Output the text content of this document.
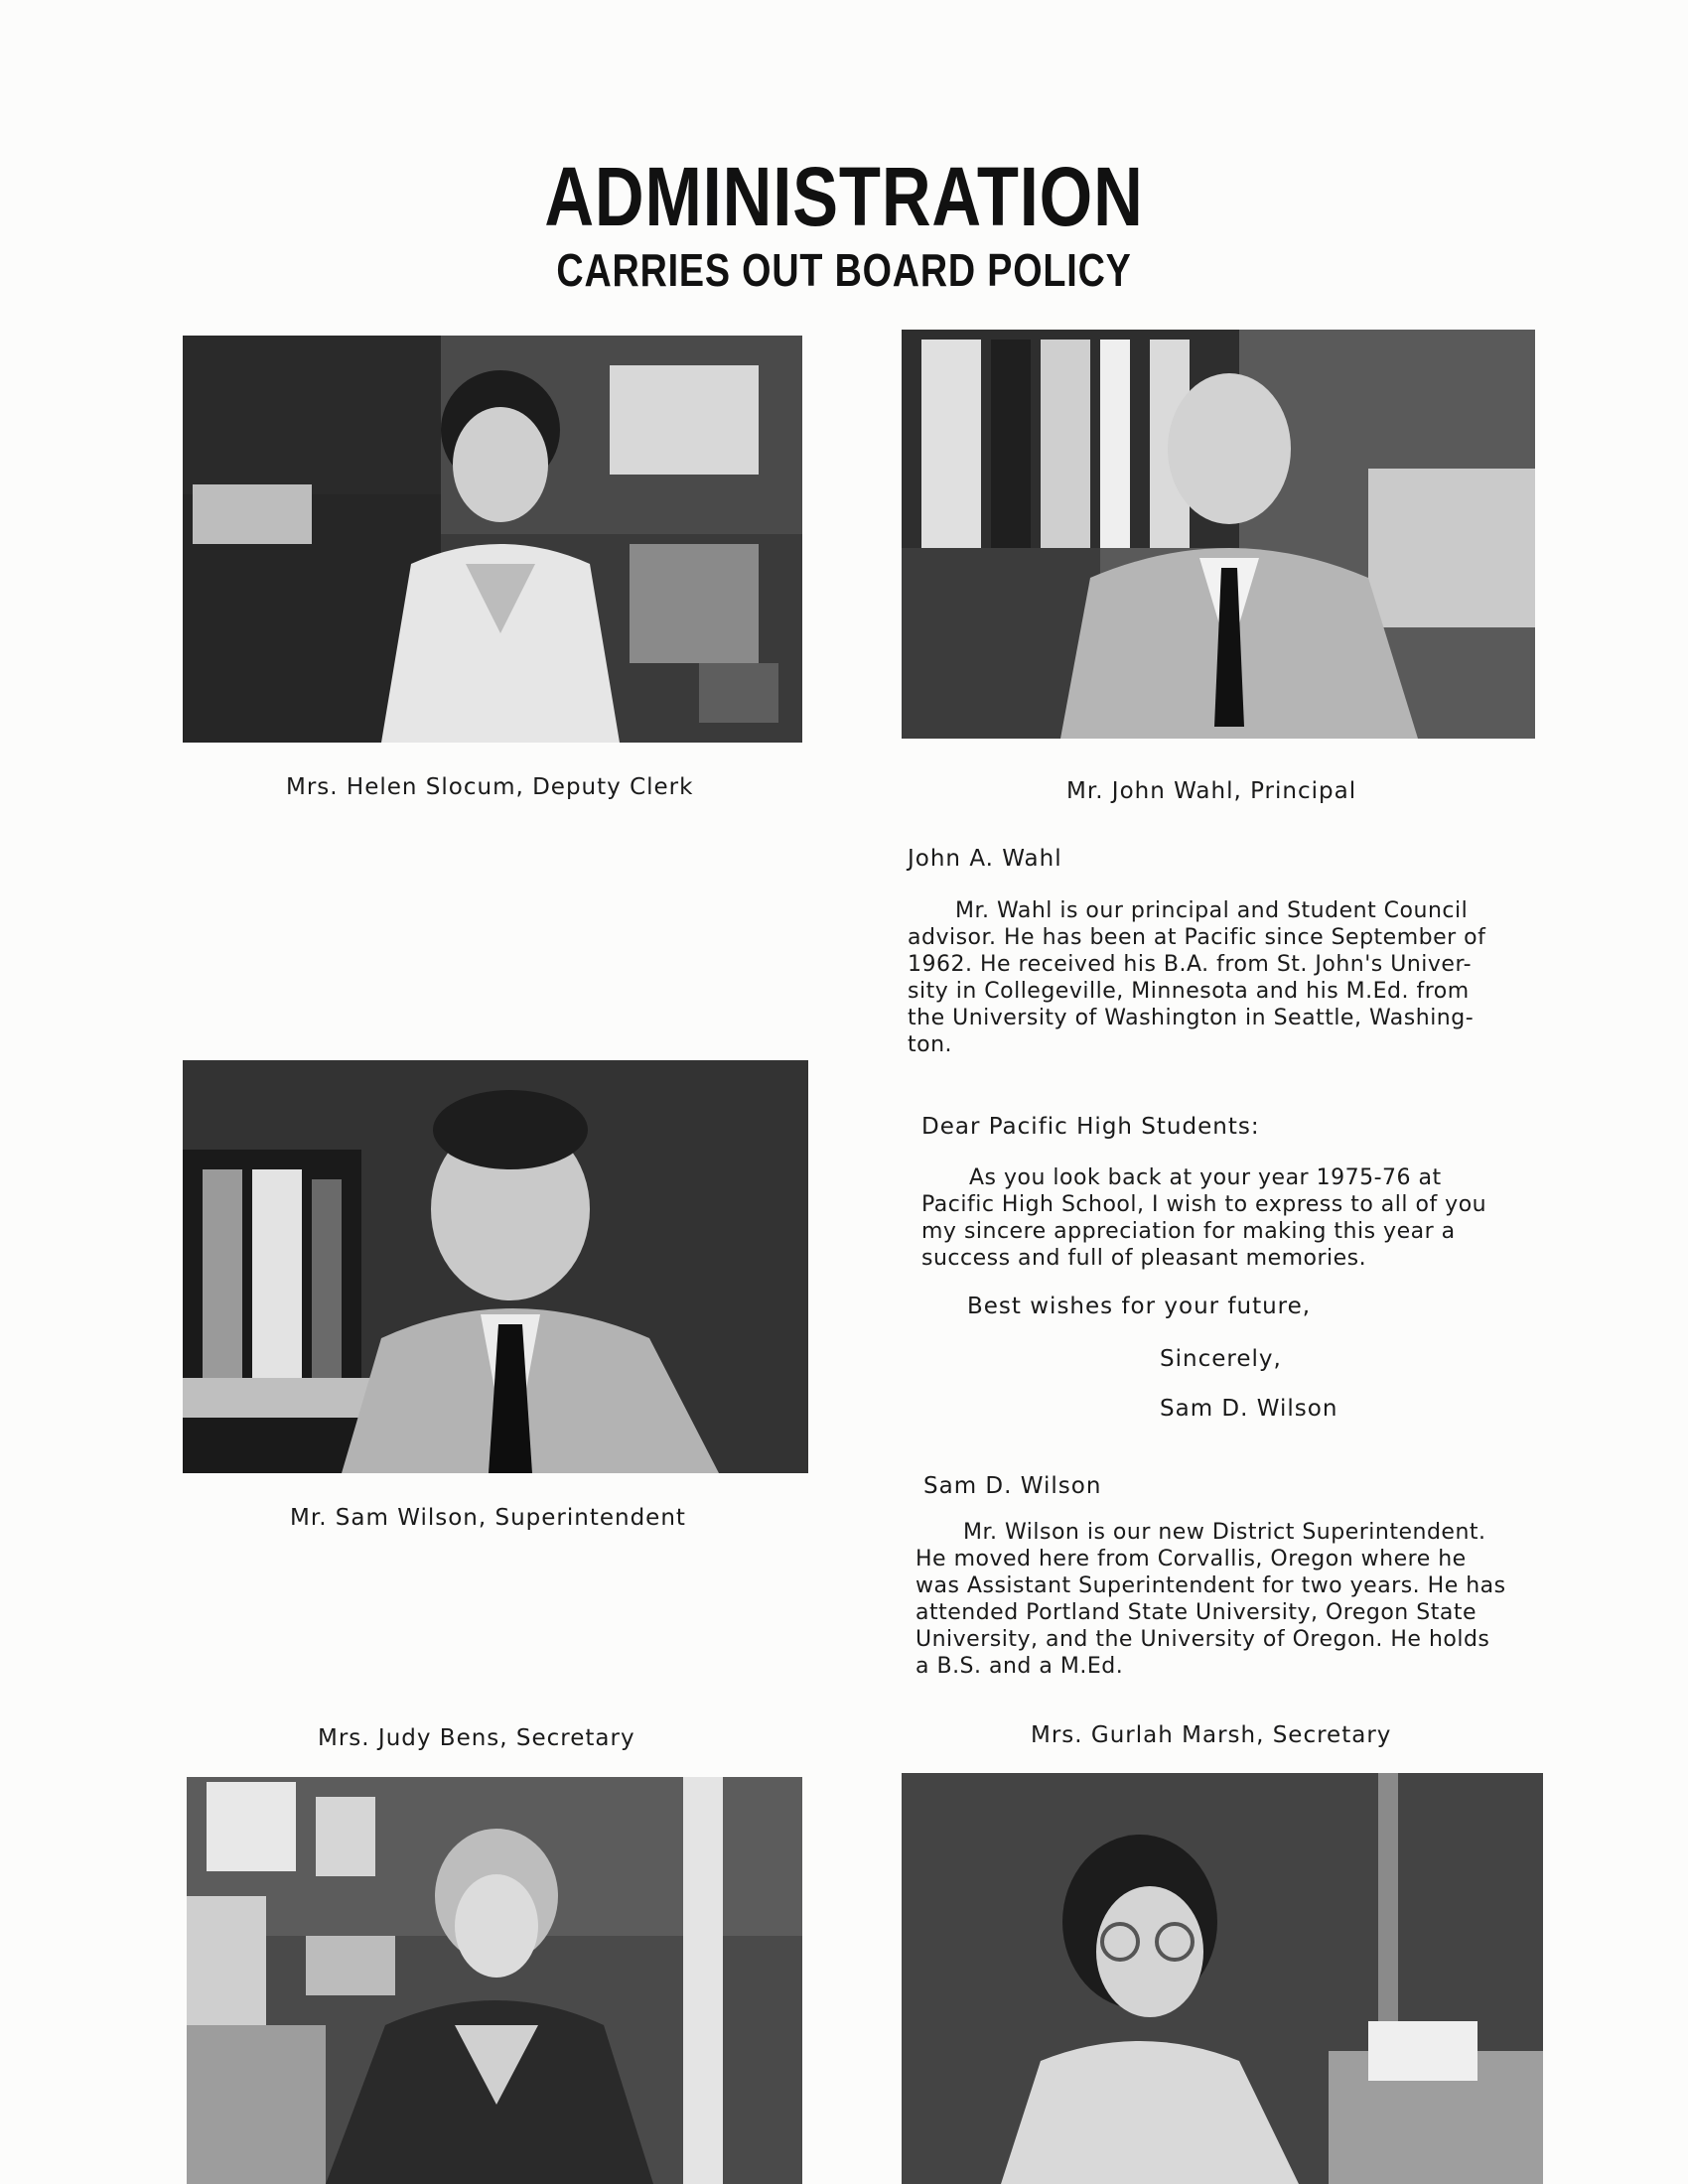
ADMINISTRATION
CARRIES OUT BOARD POLICY
Mrs. Helen Slocum, Deputy Clerk	Mr. John Wahl, Principal
John A. Wahl

Mr. Wahl is our principal and Student Council

advisor. He has been at Pacific since September of

1962. He received his B.A. from St. John's Univer-

sity in Collegeville, Minnesota and his M.Ed. from

the University of Washington in Seattle, Washing-

ton.

Mr. Sam Wilson, Superintendent
Dear Pacific High Students:

As you look back at your year 1975-76 at

Pacific High School, I wish to express to all of you

my sincere appreciation for making this year a

success and full of pleasant memories.

Best wishes for your future,
Sincerely,
Sam D. Wilson
Sam D. Wilson

Mr. Wilson is our new District Superintendent.

He moved here from Corvallis, Oregon where he

was Assistant Superintendent for two years. He has

attended Portland State University, Oregon State

University, and the University of Oregon. He holds

a B.S. and a M.Ed.

Mrs. Judy Bens, Secretary	Mrs. Gurlah Marsh, Secretary
